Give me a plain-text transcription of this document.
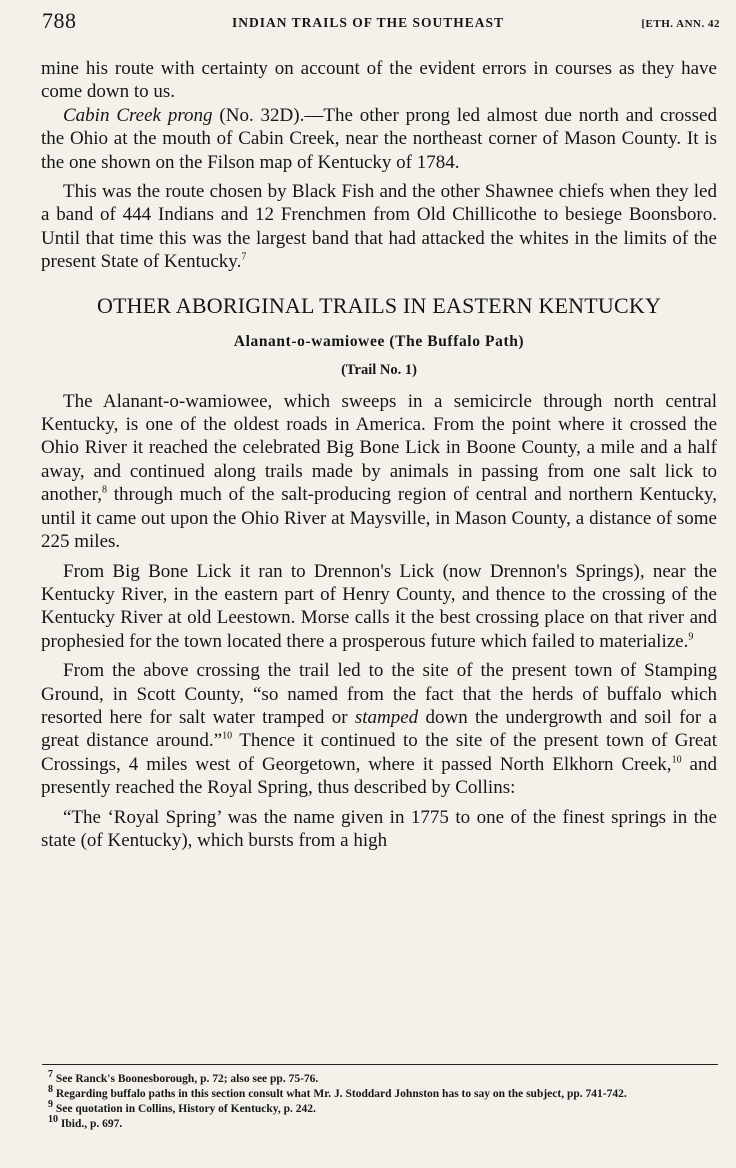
788	INDIAN TRAILS OF THE SOUTHEAST	[ETH. ANN. 42

mine his route with certainty on account of the evident errors in courses as they have come down to us.

Cabin Creek prong (No. 32D).—The other prong led almost due north and crossed the Ohio at the mouth of Cabin Creek, near the northeast corner of Mason County. It is the one shown on the Filson map of Kentucky of 1784.

This was the route chosen by Black Fish and the other Shawnee chiefs when they led a band of 444 Indians and 12 Frenchmen from Old Chillicothe to besiege Boonsboro. Until that time this was the largest band that had attacked the whites in the limits of the present State of Kentucky.$^7$

OTHER ABORIGINAL TRAILS IN EASTERN KENTUCKY
Alanant-o-wamiowee (The Buffalo Path)
(Trail No. 1)

The Alanant-o-wamiowee, which sweeps in a semicircle through north central Kentucky, is one of the oldest roads in America. From the point where it crossed the Ohio River it reached the celebrated Big Bone Lick in Boone County, a mile and a half away, and continued along trails made by animals in passing from one salt lick to another,$^8$ through much of the salt-producing region of central and northern Kentucky, until it came out upon the Ohio River at Maysville, in Mason County, a distance of some 225 miles.

From Big Bone Lick it ran to Drennon's Lick (now Drennon's Springs), near the Kentucky River, in the eastern part of Henry County, and thence to the crossing of the Kentucky River at old Leestown. Morse calls it the best crossing place on that river and prophesied for the town located there a prosperous future which failed to materialize.$^9$

From the above crossing the trail led to the site of the present town of Stamping Ground, in Scott County, “so named from the fact that the herds of buffalo which resorted here for salt water tramped or stamped down the undergrowth and soil for a great distance around.”$^{10}$ Thence it continued to the site of the present town of Great Crossings, 4 miles west of Georgetown, where it passed North Elkhorn Creek,$^{10}$ and presently reached the Royal Spring, thus described by Collins:

“The ‘Royal Spring’ was the name given in 1775 to one of the finest springs in the state (of Kentucky), which bursts from a high

$^7$ See Ranck's Boonesborough, p. 72; also see pp. 75-76.

$^8$ Regarding buffalo paths in this section consult what Mr. J. Stoddard Johnston has to say on the subject, pp. 741-742.

$^9$ See quotation in Collins, History of Kentucky, p. 242.

$^{10}$ Ibid., p. 697.
